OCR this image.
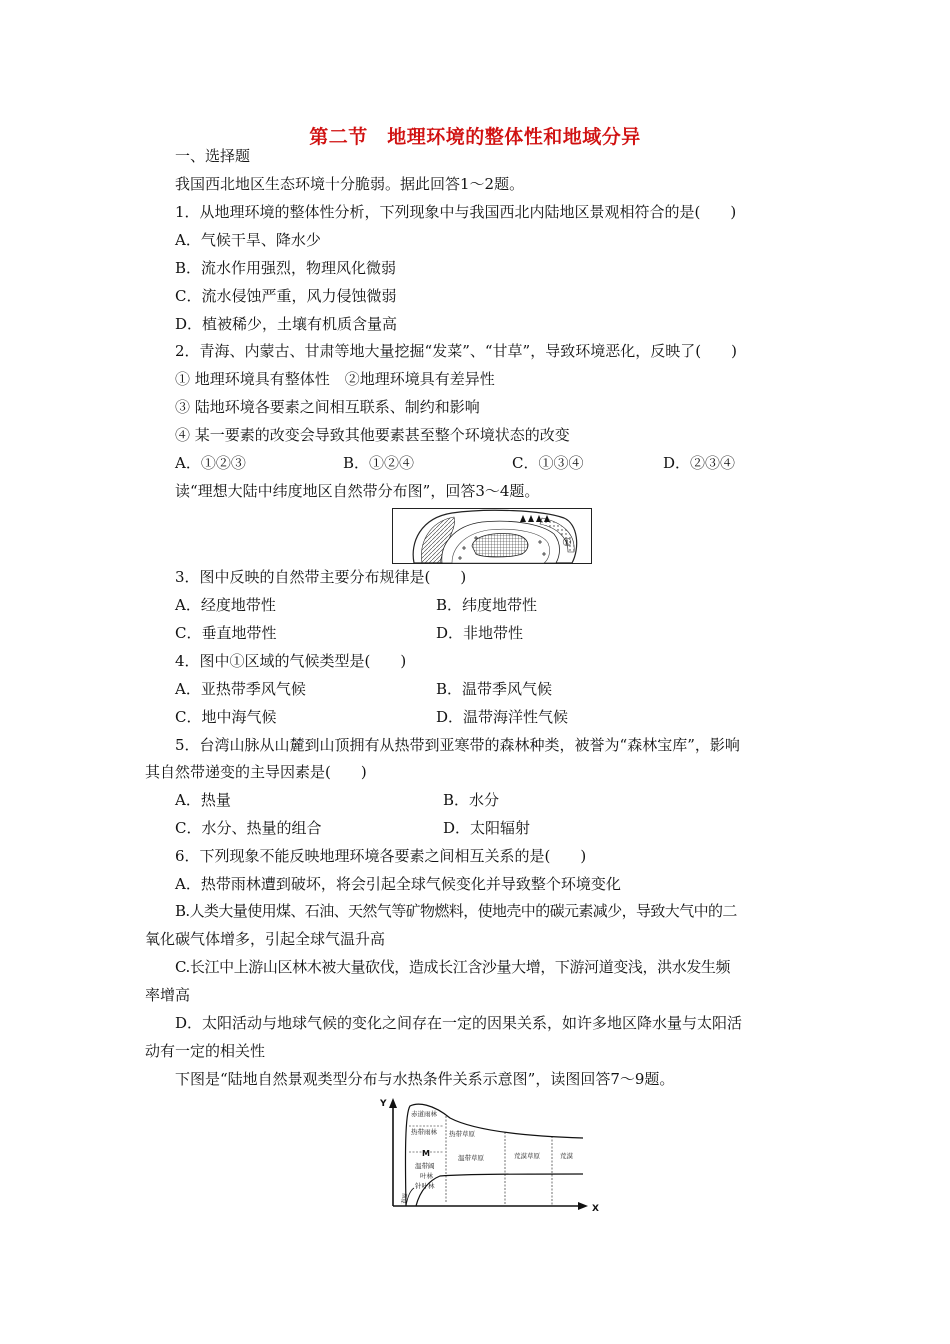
第二节　地理环境的整体性和地域分异
一、选择题
我国西北地区生态环境十分脆弱。据此回答1～2题。
1．从地理环境的整体性分析，下列现象中与我国西北内陆地区景观相符合的是(　　)
A．气候干旱、降水少
B．流水作用强烈，物理风化微弱
C．流水侵蚀严重，风力侵蚀微弱
D．植被稀少，土壤有机质含量高
2．青海、内蒙古、甘肃等地大量挖掘“发菜”、“甘草”，导致环境恶化，反映了(　　)
① 地理环境具有整体性　②地理环境具有差异性
③ 陆地环境各要素之间相互联系、制约和影响
④ 某一要素的改变会导致其他要素甚至整个环境状态的改变
A．①②③	B．①②④	C．①③④	D．②③④
读“理想大陆中纬度地区自然带分布图”，回答3～4题。
①
3．图中反映的自然带主要分布规律是(　　)
A．经度地带性	B．纬度地带性
C．垂直地带性	D．非地带性
4．图中①区域的气候类型是(　　)
A．亚热带季风气候	B．温带季风气候
C．地中海气候	D．温带海洋性气候
5．台湾山脉从山麓到山顶拥有从热带到亚寒带的森林种类，被誉为“森林宝库”，影响
其自然带递变的主导因素是(　　)
A．热量	B．水分
C．水分、热量的组合	D．太阳辐射
6．下列现象不能反映地理环境各要素之间相互关系的是(　　)
A．热带雨林遭到破坏，将会引起全球气候变化并导致整个环境变化
B.人类大量使用煤、石油、天然气等矿物燃料，使地壳中的碳元素减少，导致大气中的二
氧化碳气体增多，引起全球气温升高
C.长江中上游山区林木被大量砍伐，造成长江含沙量大增，下游河道变浅，洪水发生频
率增高
D．太阳活动与地球气候的变化之间存在一定的因果关系，如许多地区降水量与太阳活
动有一定的相关性
下图是“陆地自然景观类型分布与水热条件关系示意图”，读图回答7～9题。
Y
X
赤道雨林
热带雨林 热带草原
M
温带阔
叶林
针叶林
苔原
温带草原	荒漠草原	荒漠
